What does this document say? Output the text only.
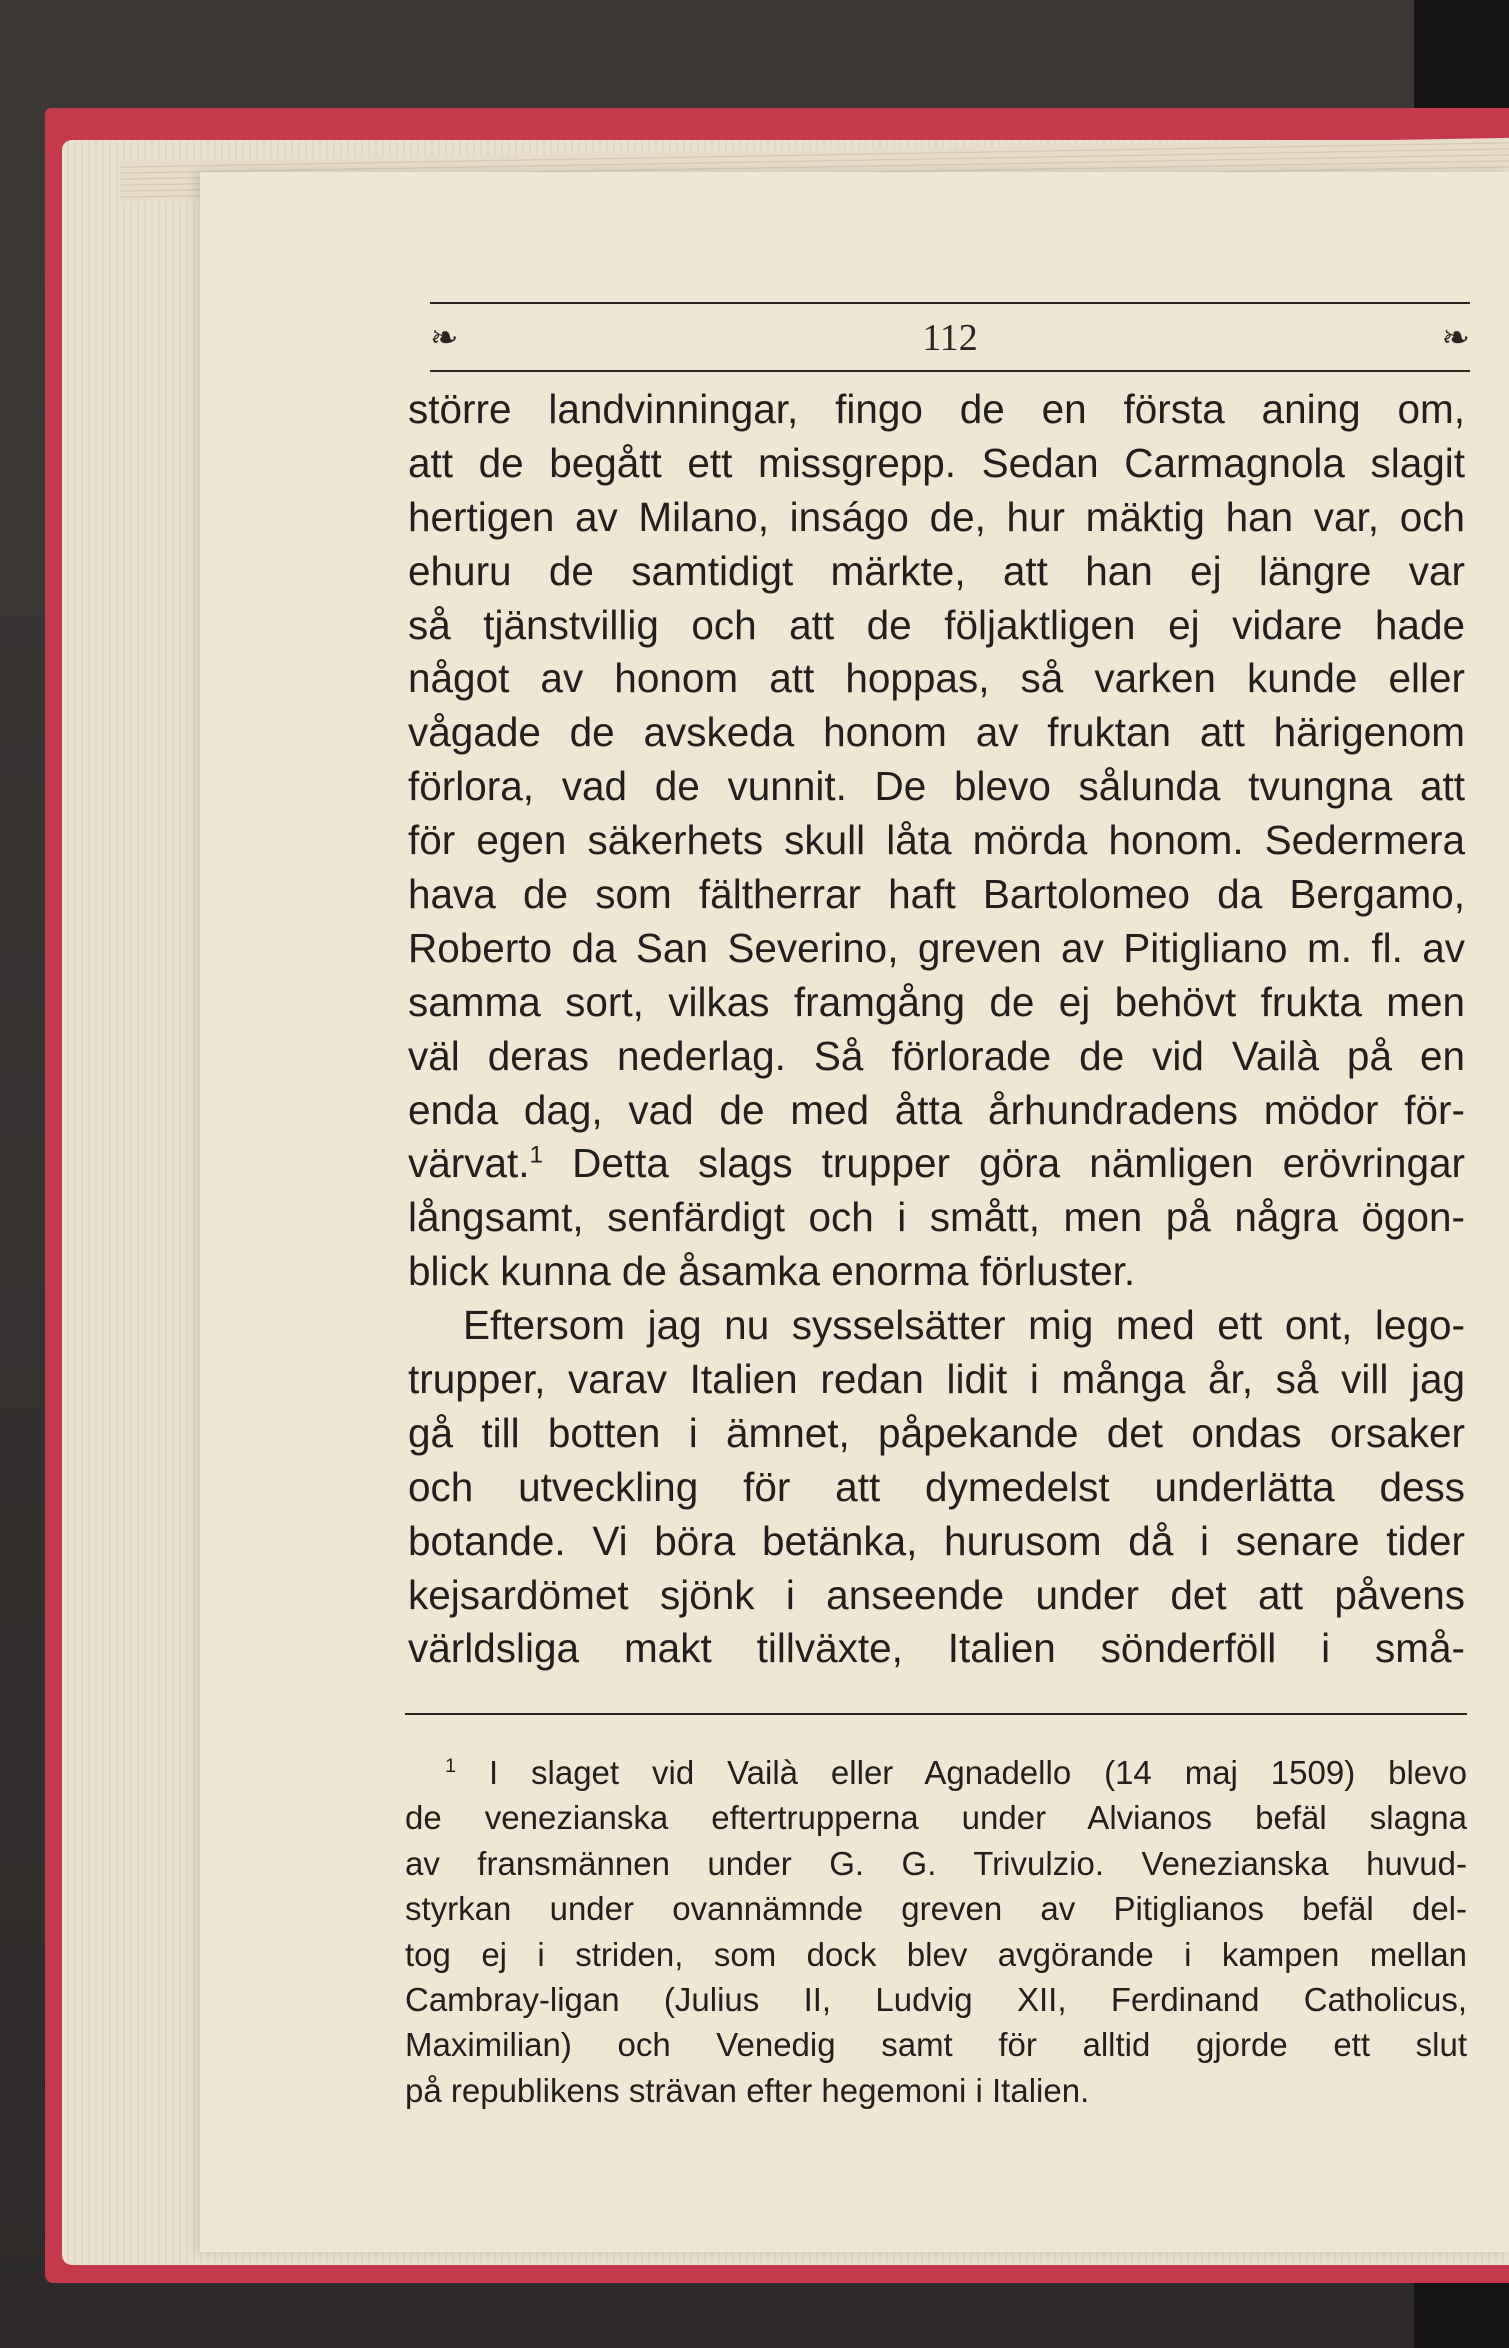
❧	112	❧
större landvinningar, fingo de en första aning om,
att de begått ett missgrepp. Sedan Carmagnola slagit
hertigen av Milano, inságo de, hur mäktig han var, och
ehuru de samtidigt märkte, att han ej längre var
så tjänstvillig och att de följaktligen ej vidare hade
något av honom att hoppas, så varken kunde eller
vågade de avskeda honom av fruktan att härigenom
förlora, vad de vunnit. De blevo sålunda tvungna att
för egen säkerhets skull låta mörda honom. Sedermera
hava de som fältherrar haft Bartolomeo da Bergamo,
Roberto da San Severino, greven av Pitigliano m. fl. av
samma sort, vilkas framgång de ej behövt frukta men
väl deras nederlag. Så förlorade de vid Vailà på en
enda dag, vad de med åtta århundradens mödor för-
värvat.$^1$ Detta slags trupper göra nämligen erövringar
långsamt, senfärdigt och i smått, men på några ögon-
blick kunna de åsamka enorma förluster.
Eftersom jag nu sysselsätter mig med ett ont, lego-
trupper, varav Italien redan lidit i många år, så vill jag
gå till botten i ämnet, påpekande det ondas orsaker
och utveckling för att dymedelst underlätta dess
botande. Vi böra betänka, hurusom då i senare tider
kejsardömet sjönk i anseende under det att påvens
världsliga makt tillväxte, Italien sönderföll i små-
$^1$ I slaget vid Vailà eller Agnadello (14 maj 1509) blevo
de venezianska eftertrupperna under Alvianos befäl slagna
av fransmännen under G. G. Trivulzio. Venezianska huvud-
styrkan under ovannämnde greven av Pitiglianos befäl del-
tog ej i striden, som dock blev avgörande i kampen mellan
Cambray-ligan (Julius II, Ludvig XII, Ferdinand Catholicus,
Maximilian) och Venedig samt för alltid gjorde ett slut
på republikens strävan efter hegemoni i Italien.
